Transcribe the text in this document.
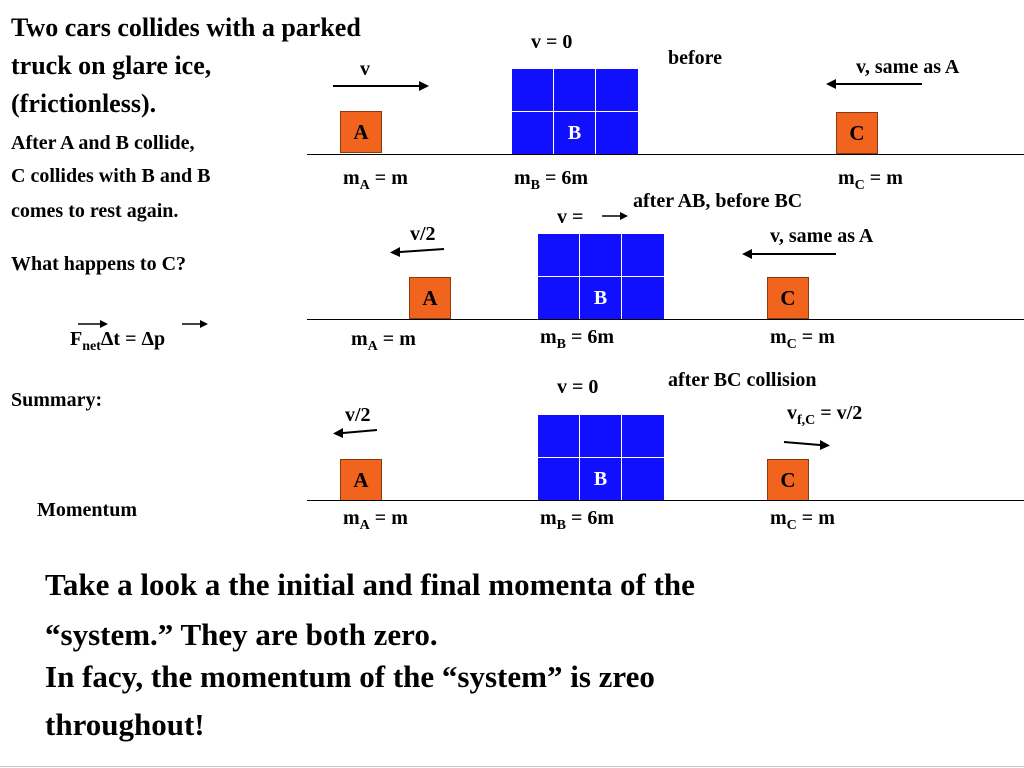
Two cars collides with a parked
truck on glare ice,
(frictionless).
After A and B collide,
C collides with B and B
comes to rest again.
What happens to C?
$F_{net}\Delta t = \Delta p$
Summary:
Momentum
before
v = 0
v	v, same as A
A	B	C
$m_A = m$	$m_B = 6m$	$m_C = m$
after AB, before BC
v =
v/2	v, same as A
A	B	C
$m_A = m$	$m_B = 6m$	$m_C = m$
after BC collision
v = 0
v/2	$v_{f,C} = v/2$
A	B	C
$m_A = m$	$m_B = 6m$	$m_C = m$
Take a look a the initial and final momenta of the
“system.” They are both zero.
In facy, the momentum of the “system” is zreo
throughout!
